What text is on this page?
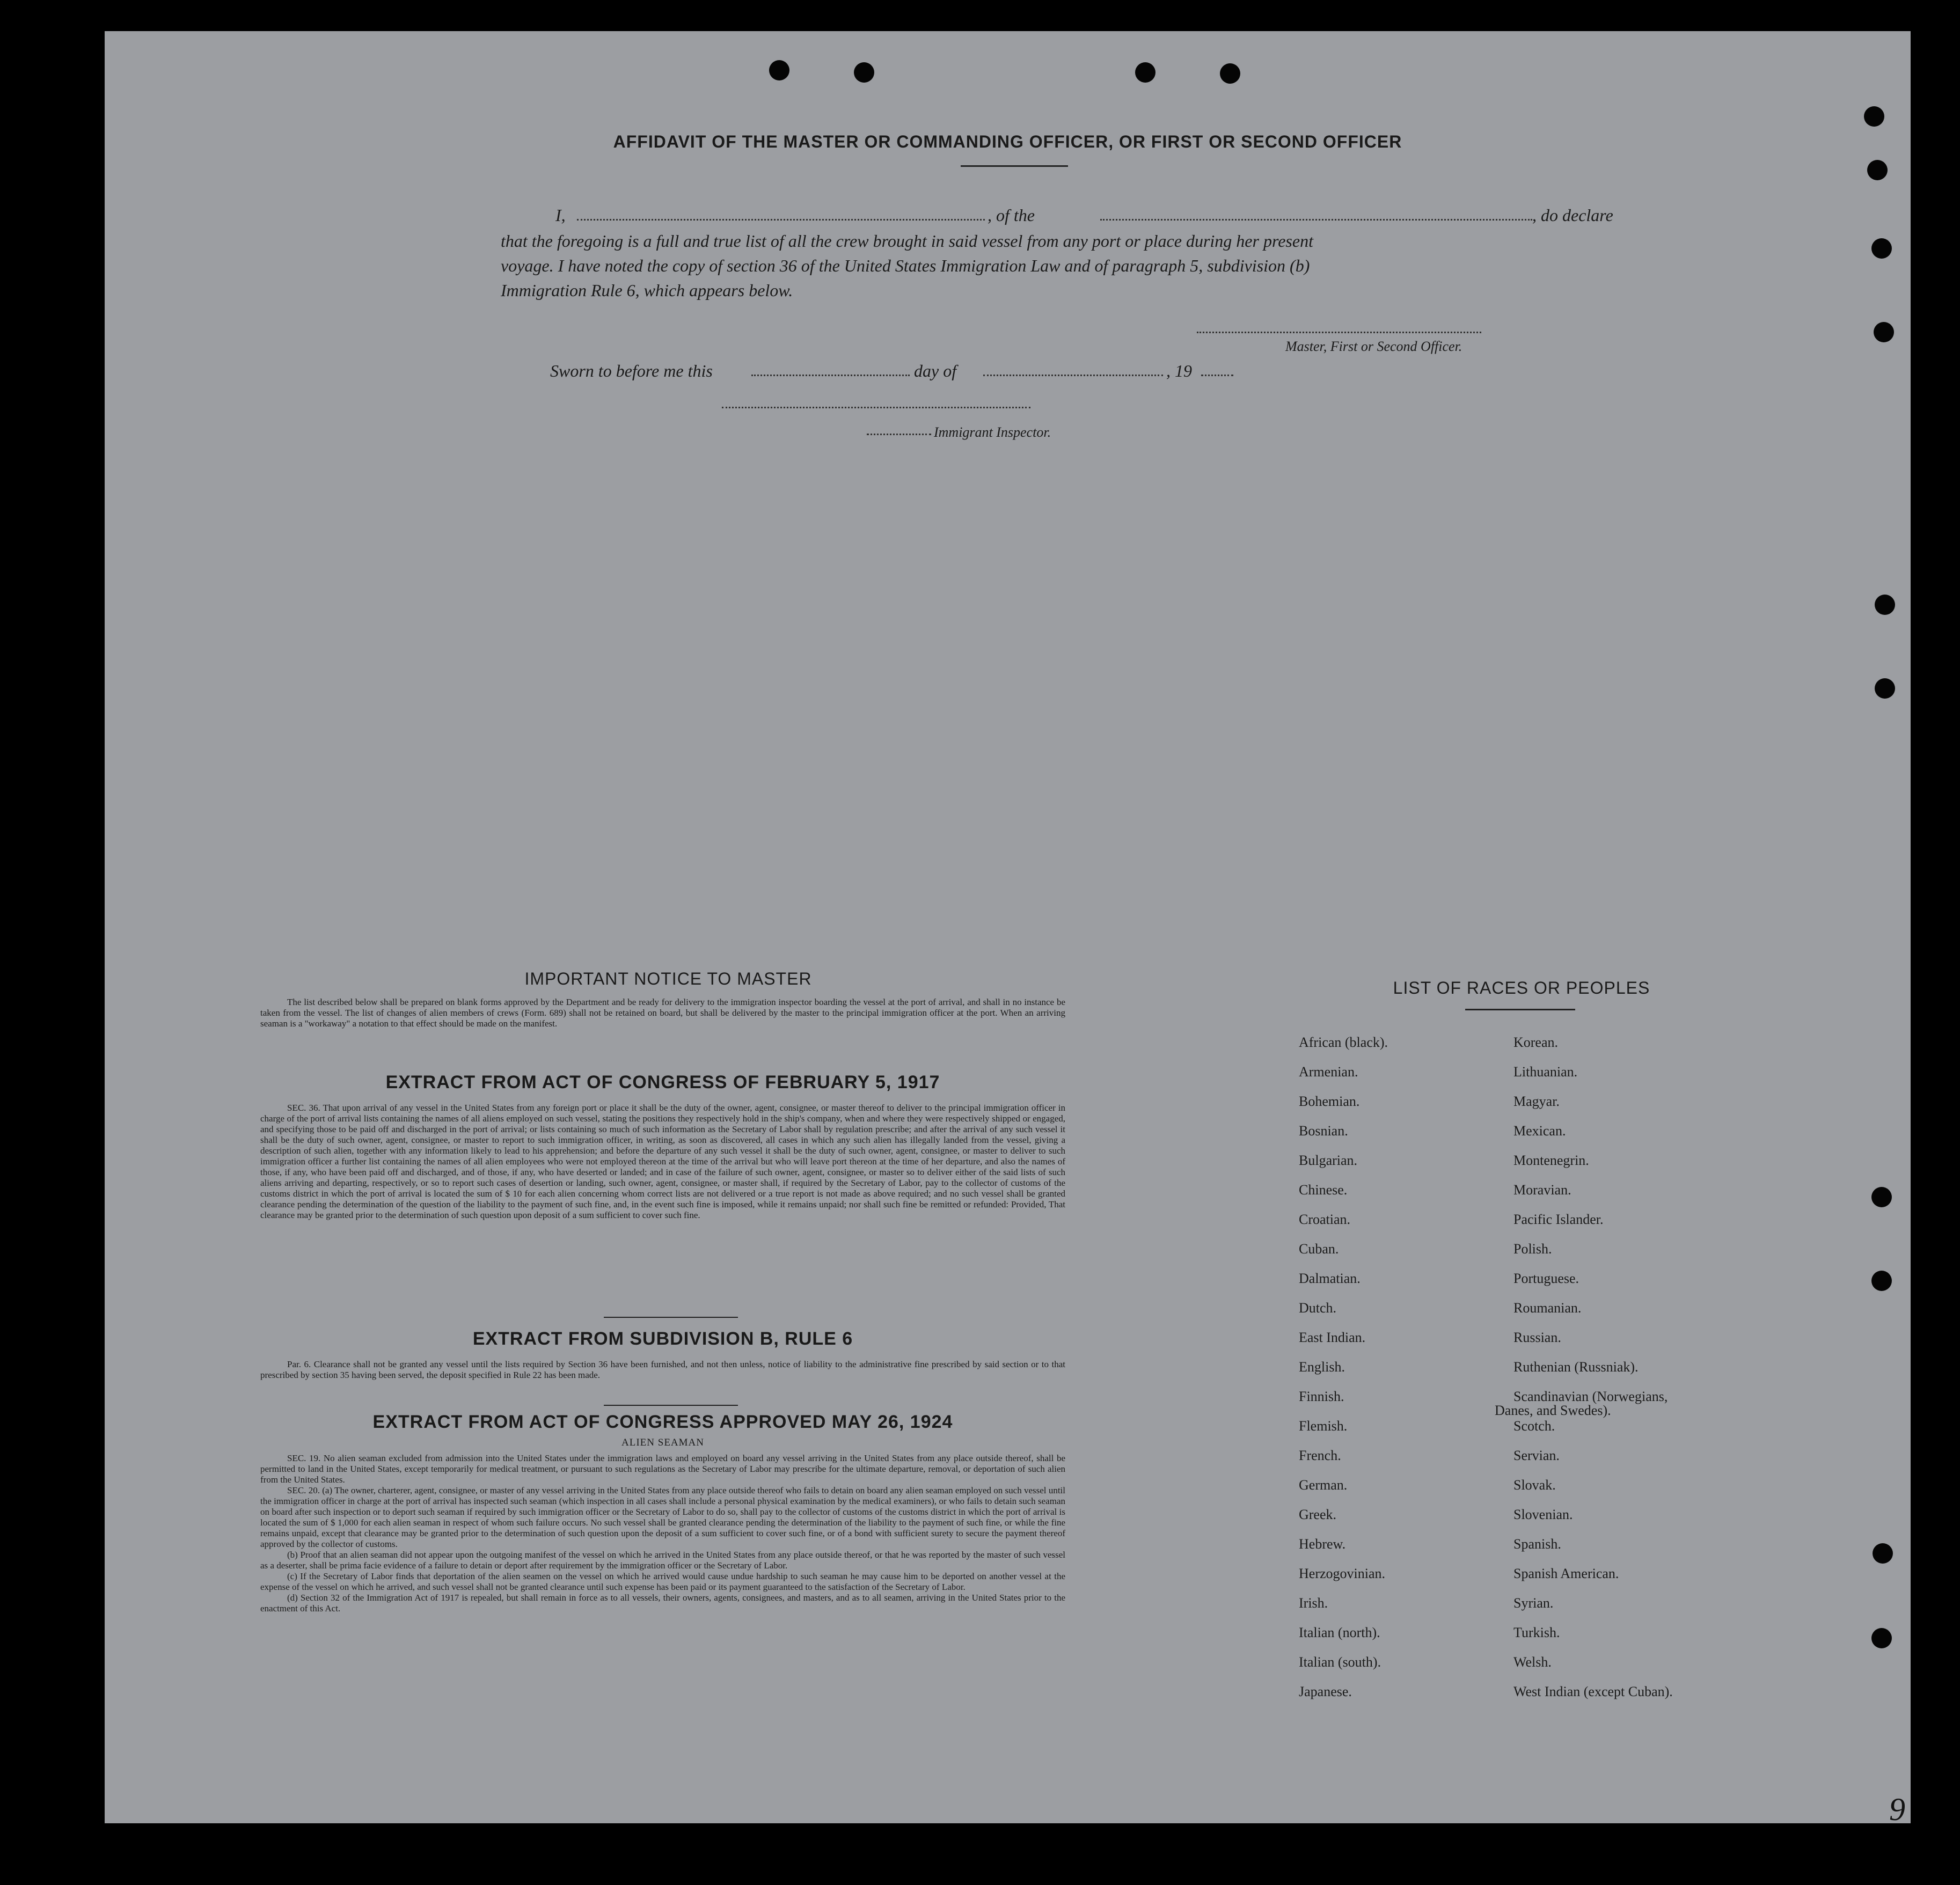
AFFIDAVIT OF THE MASTER OR COMMANDING OFFICER, OR FIRST OR SECOND OFFICER
I,	, of the	, do declare
that the foregoing is a full and true list of all the crew brought in said vessel from any port or place during her present
voyage. I have noted the copy of section 36 of the United States Immigration Law and of paragraph 5, subdivision (b)
Immigration Rule 6, which appears below.
Master, First or Second Officer.
Sworn to before me this	day of	, 19
Immigrant Inspector.
IMPORTANT NOTICE TO MASTER

The list described below shall be prepared on blank forms approved by the Department and be ready for delivery to the immigration inspector boarding the vessel at the port of arrival, and shall in no instance be taken from the vessel. The list of changes of alien members of crews (Form. 689) shall not be retained on board, but shall be delivered by the master to the principal immigration officer at the port. When an arriving seaman is a "workaway" a notation to that effect should be made on the manifest.

EXTRACT FROM ACT OF CONGRESS OF FEBRUARY 5, 1917

SEC. 36. That upon arrival of any vessel in the United States from any foreign port or place it shall be the duty of the owner, agent, consignee, or master thereof to deliver to the principal immigration officer in charge of the port of arrival lists containing the names of all aliens employed on such vessel, stating the positions they respectively hold in the ship's company, when and where they were respectively shipped or engaged, and specifying those to be paid off and discharged in the port of arrival; or lists containing so much of such information as the Secretary of Labor shall by regulation prescribe; and after the arrival of any such vessel it shall be the duty of such owner, agent, consignee, or master to report to such immigration officer, in writing, as soon as discovered, all cases in which any such alien has illegally landed from the vessel, giving a description of such alien, together with any information likely to lead to his apprehension; and before the departure of any such vessel it shall be the duty of such owner, agent, consignee, or master to deliver to such immigration officer a further list containing the names of all alien employees who were not employed thereon at the time of the arrival but who will leave port thereon at the time of her departure, and also the names of those, if any, who have been paid off and discharged, and of those, if any, who have deserted or landed; and in case of the failure of such owner, agent, consignee, or master so to deliver either of the said lists of such aliens arriving and departing, respectively, or so to report such cases of desertion or landing, such owner, agent, consignee, or master shall, if required by the Secretary of Labor, pay to the collector of customs of the customs district in which the port of arrival is located the sum of $ 10 for each alien concerning whom correct lists are not delivered or a true report is not made as above required; and no such vessel shall be granted clearance pending the determination of the question of the liability to the payment of such fine, and, in the event such fine is imposed, while it remains unpaid; nor shall such fine be remitted or refunded: Provided, That clearance may be granted prior to the determination of such question upon deposit of a sum sufficient to cover such fine.

EXTRACT FROM SUBDIVISION B, RULE 6

Par. 6. Clearance shall not be granted any vessel until the lists required by Section 36 have been furnished, and not then unless, notice of liability to the administrative fine prescribed by said section or to that prescribed by section 35 having been served, the deposit specified in Rule 22 has been made.

EXTRACT FROM ACT OF CONGRESS APPROVED MAY 26, 1924
ALIEN SEAMAN

SEC. 19. No alien seaman excluded from admission into the United States under the immigration laws and employed on board any vessel arriving in the United States from any place outside thereof, shall be permitted to land in the United States, except temporarily for medical treatment, or pursuant to such regulations as the Secretary of Labor may prescribe for the ultimate departure, removal, or deportation of such alien from the United States.

SEC. 20. (a) The owner, charterer, agent, consignee, or master of any vessel arriving in the United States from any place outside thereof who fails to detain on board any alien seaman employed on such vessel until the immigration officer in charge at the port of arrival has inspected such seaman (which inspection in all cases shall include a personal physical examination by the medical examiners), or who fails to detain such seaman on board after such inspection or to deport such seaman if required by such immigration officer or the Secretary of Labor to do so, shall pay to the collector of customs of the customs district in which the port of arrival is located the sum of $ 1,000 for each alien seaman in respect of whom such failure occurs. No such vessel shall be granted clearance pending the determination of the liability to the payment of such fine, or while the fine remains unpaid, except that clearance may be granted prior to the determination of such question upon the deposit of a sum sufficient to cover such fine, or of a bond with sufficient surety to secure the payment thereof approved by the collector of customs.

(b) Proof that an alien seaman did not appear upon the outgoing manifest of the vessel on which he arrived in the United States from any place outside thereof, or that he was reported by the master of such vessel as a deserter, shall be prima facie evidence of a failure to detain or deport after requirement by the immigration officer or the Secretary of Labor.

(c) If the Secretary of Labor finds that deportation of the alien seamen on the vessel on which he arrived would cause undue hardship to such seaman he may cause him to be deported on another vessel at the expense of the vessel on which he arrived, and such vessel shall not be granted clearance until such expense has been paid or its payment guaranteed to the satisfaction of the Secretary of Labor.

(d) Section 32 of the Immigration Act of 1917 is repealed, but shall remain in force as to all vessels, their owners, agents, consignees, and masters, and as to all seamen, arriving in the United States prior to the enactment of this Act.

LIST OF RACES OR PEOPLES
9
African (black).
Armenian.
Bohemian.
Bosnian.
Bulgarian.
Chinese.
Croatian.
Cuban.
Dalmatian.
Dutch.
East Indian.
English.
Finnish.
Flemish.
French.
German.
Greek.
Hebrew.
Herzogovinian.
Irish.
Italian (north).
Italian (south).
Japanese.
Korean.
Lithuanian.
Magyar.
Mexican.
Montenegrin.
Moravian.
Pacific Islander.
Polish.
Portuguese.
Roumanian.
Russian.
Ruthenian (Russniak).
Scandinavian (Norwegians,
Danes, and Swedes).
Scotch.
Servian.
Slovak.
Slovenian.
Spanish.
Spanish American.
Syrian.
Turkish.
Welsh.
West Indian (except Cuban).
